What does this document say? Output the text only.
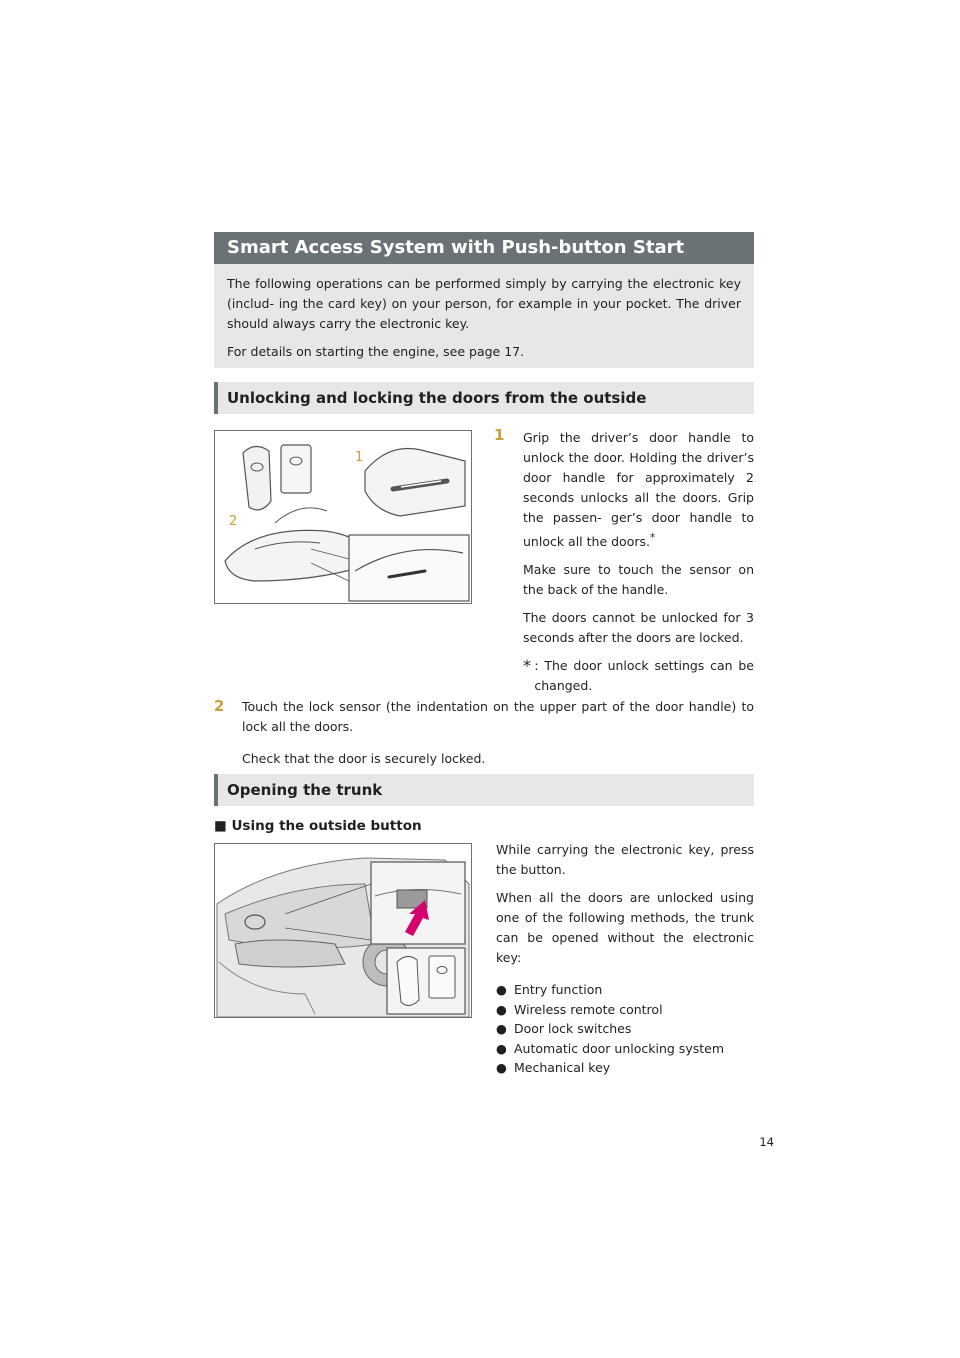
Smart Access System with Push-button Start

The following operations can be performed simply by carrying the electronic key (includ- ing the card key) on your person, for example in your pocket. The driver should always carry the electronic key.

For details on starting the engine, see page 17.

Unlocking and locking the doors from the outside
1
2
1 Grip the driver’s door handle to unlock the door. Holding the driver’s door handle for approximately 2 seconds unlocks all the doors. Grip the passen- ger’s door handle to unlock all the doors.*

Make sure to touch the sensor on the back of the handle.

The doors cannot be unlocked for 3 seconds after the doors are locked.

* : The door unlock settings can be changed.
2 Touch the lock sensor (the indentation on the upper part of the door handle) to lock all the doors.

Check that the door is securely locked.

Opening the trunk
■ Using the outside button

While carrying the electronic key, press the button.

When all the doors are unlocked using one of the following methods, the trunk can be opened without the electronic key:

● Entry function
● Wireless remote control
● Door lock switches
● Automatic door unlocking system
● Mechanical key
14
